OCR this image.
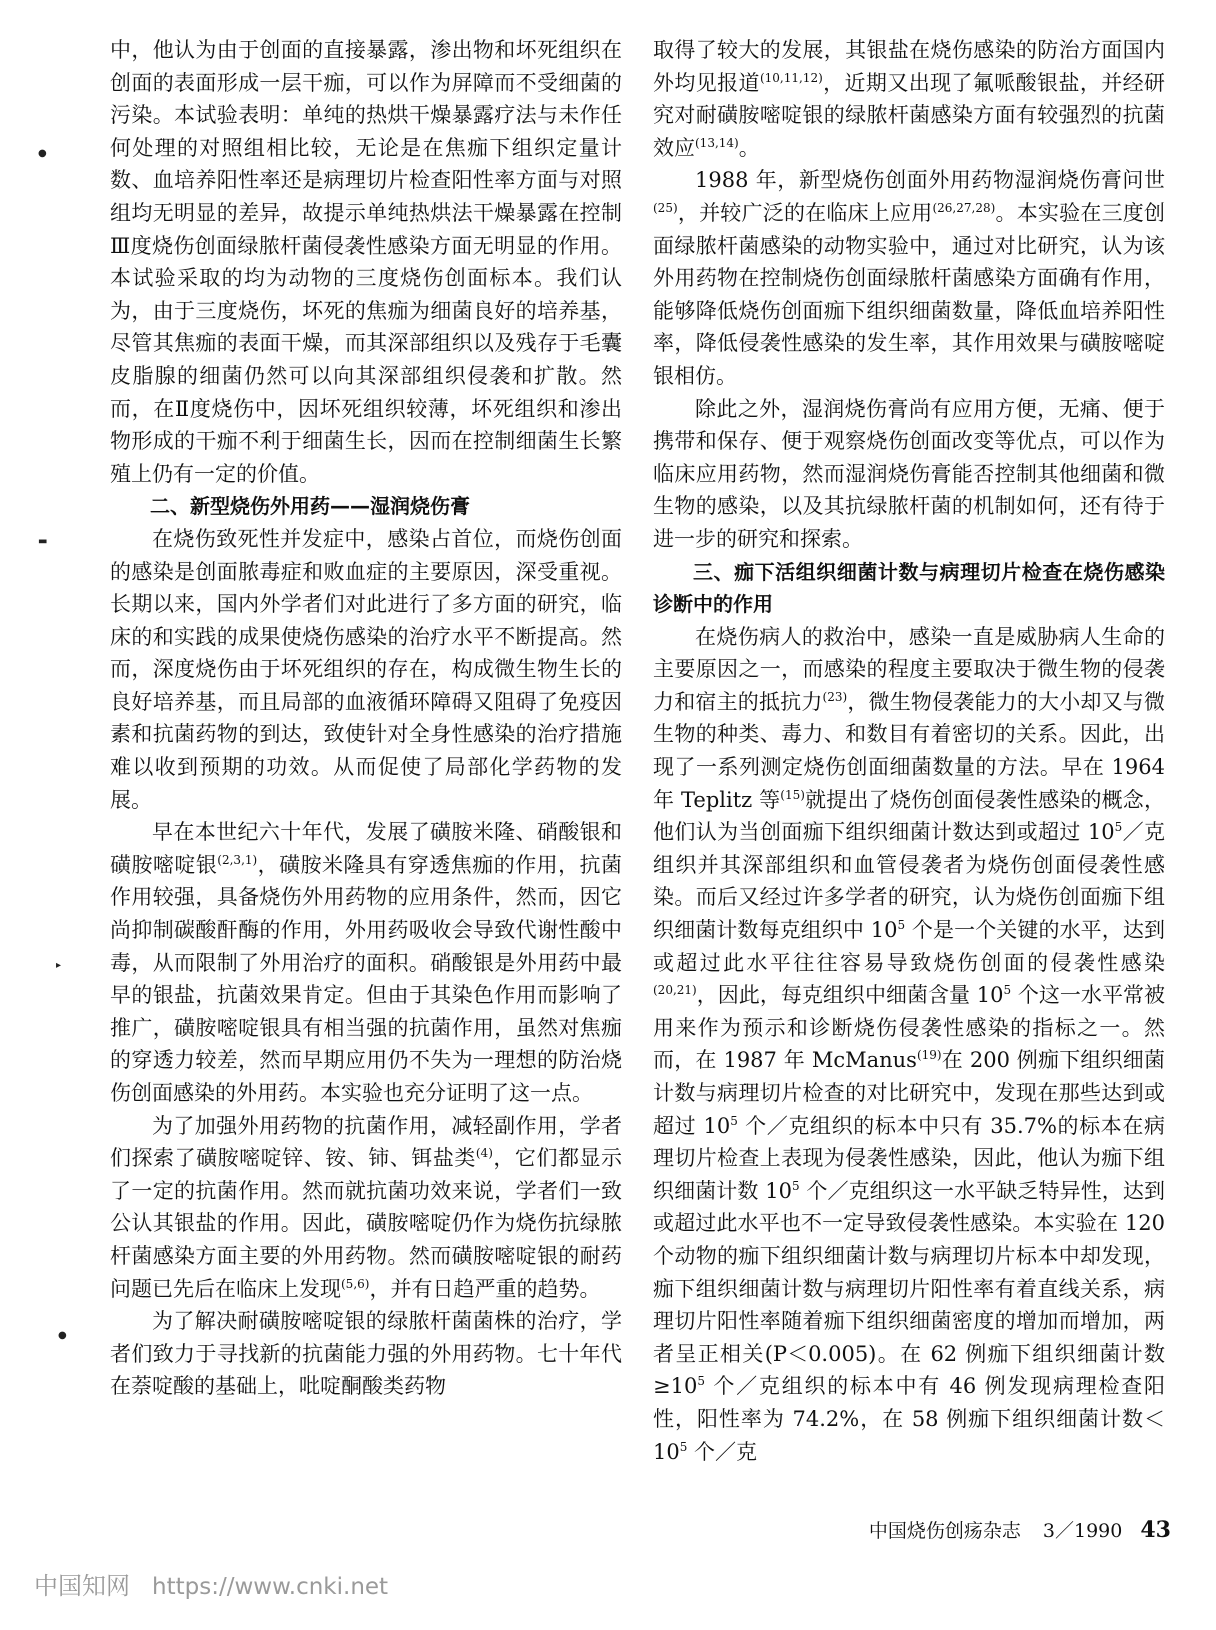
中，他认为由于创面的直接暴露，渗出物和坏死组织在创面的表面形成一层干痂，可以作为屏障而不受细菌的污染。本试验表明：单纯的热烘干燥暴露疗法与未作任何处理的对照组相比较，无论是在焦痂下组织定量计数、血培养阳性率还是病理切片检查阳性率方面与对照组均无明显的差异，故提示单纯热烘法干燥暴露在控制Ⅲ度烧伤创面绿脓杆菌侵袭性感染方面无明显的作用。本试验采取的均为动物的三度烧伤创面标本。我们认为，由于三度烧伤，坏死的焦痂为细菌良好的培养基，尽管其焦痂的表面干燥，而其深部组织以及残存于毛囊皮脂腺的细菌仍然可以向其深部组织侵袭和扩散。然而，在Ⅱ度烧伤中，因坏死组织较薄，坏死组织和渗出物形成的干痂不利于细菌生长，因而在控制细菌生长繁殖上仍有一定的价值。

二、新型烧伤外用药——湿润烧伤膏

在烧伤致死性并发症中，感染占首位，而烧伤创面的感染是创面脓毒症和败血症的主要原因，深受重视。长期以来，国内外学者们对此进行了多方面的研究，临床的和实践的成果使烧伤感染的治疗水平不断提高。然而，深度烧伤由于坏死组织的存在，构成微生物生长的良好培养基，而且局部的血液循环障碍又阻碍了免疫因素和抗菌药物的到达，致使针对全身性感染的治疗措施难以收到预期的功效。从而促使了局部化学药物的发展。

早在本世纪六十年代，发展了磺胺米隆、硝酸银和磺胺嘧啶银$^{(2,3,1)}$，磺胺米隆具有穿透焦痂的作用，抗菌作用较强，具备烧伤外用药物的应用条件，然而，因它尚抑制碳酸酐酶的作用，外用药吸收会导致代谢性酸中毒，从而限制了外用治疗的面积。硝酸银是外用药中最早的银盐，抗菌效果肯定。但由于其染色作用而影响了推广，磺胺嘧啶银具有相当强的抗菌作用，虽然对焦痂的穿透力较差，然而早期应用仍不失为一理想的防治烧伤创面感染的外用药。本实验也充分证明了这一点。

为了加强外用药物的抗菌作用，减轻副作用，学者们探索了磺胺嘧啶锌、铵、铈、铒盐类$^{(4)}$，它们都显示了一定的抗菌作用。然而就抗菌功效来说，学者们一致公认其银盐的作用。因此，磺胺嘧啶仍作为烧伤抗绿脓杆菌感染方面主要的外用药物。然而磺胺嘧啶银的耐药问题已先后在临床上发现$^{(5,6)}$，并有日趋严重的趋势。

为了解决耐磺胺嘧啶银的绿脓杆菌菌株的治疗，学者们致力于寻找新的抗菌能力强的外用药物。七十年代在萘啶酸的基础上，吡啶酮酸类药物

取得了较大的发展，其银盐在烧伤感染的防治方面国内外均见报道$^{(10,11,12)}$，近期又出现了氟哌酸银盐，并经研究对耐磺胺嘧啶银的绿脓杆菌感染方面有较强烈的抗菌效应$^{(13,14)}$。

1988 年，新型烧伤创面外用药物湿润烧伤膏问世$^{(25)}$，并较广泛的在临床上应用$^{(26,27,28)}$。本实验在三度创面绿脓杆菌感染的动物实验中，通过对比研究，认为该外用药物在控制烧伤创面绿脓杆菌感染方面确有作用，能够降低烧伤创面痂下组织细菌数量，降低血培养阳性率，降低侵袭性感染的发生率，其作用效果与磺胺嘧啶银相仿。

除此之外，湿润烧伤膏尚有应用方便，无痛、便于携带和保存、便于观察烧伤创面改变等优点，可以作为临床应用药物，然而湿润烧伤膏能否控制其他细菌和微生物的感染，以及其抗绿脓杆菌的机制如何，还有待于进一步的研究和探索。

三、痂下活组织细菌计数与病理切片检查在烧伤感染诊断中的作用

在烧伤病人的救治中，感染一直是威胁病人生命的主要原因之一，而感染的程度主要取决于微生物的侵袭力和宿主的抵抗力$^{(23)}$，微生物侵袭能力的大小却又与微生物的种类、毒力、和数目有着密切的关系。因此，出现了一系列测定烧伤创面细菌数量的方法。早在 1964 年 Teplitz 等$^{(15)}$就提出了烧伤创面侵袭性感染的概念，他们认为当创面痂下组织细菌计数达到或超过 $10^5/$克组织并其深部组织和血管侵袭者为烧伤创面侵袭性感染。而后又经过许多学者的研究，认为烧伤创面痂下组织细菌计数每克组织中 $10^5$ 个是一个关键的水平，达到或超过此水平往往容易导致烧伤创面的侵袭性感染$^{(20,21)}$，因此，每克组织中细菌含量 $10^5$ 个这一水平常被用来作为预示和诊断烧伤侵袭性感染的指标之一。然而，在 1987 年 McManus$^{(19)}$在 200 例痂下组织细菌计数与病理切片检查的对比研究中，发现在那些达到或超过 $10^5$ 个／克组织的标本中只有 35.7%的标本在病理切片检查上表现为侵袭性感染，因此，他认为痂下组织细菌计数 $10^5$ 个／克组织这一水平缺乏特异性，达到或超过此水平也不一定导致侵袭性感染。本实验在 120 个动物的痂下组织细菌计数与病理切片标本中却发现，痂下组织细菌计数与病理切片阳性率有着直线关系，病理切片阳性率随着痂下组织细菌密度的增加而增加，两者呈正相关(P＜0.005)。在 62 例痂下组织细菌计数$\ge 10^5$ 个／克组织的标本中有 46 例发现病理检查阳性，阳性率为 74.2%，在 58 例痂下组织细菌计数$<10^5$ 个／克

●
▬
▸
●
中国烧伤创疡杂志 3／1990 43
中国知网 https://www.cnki.net
